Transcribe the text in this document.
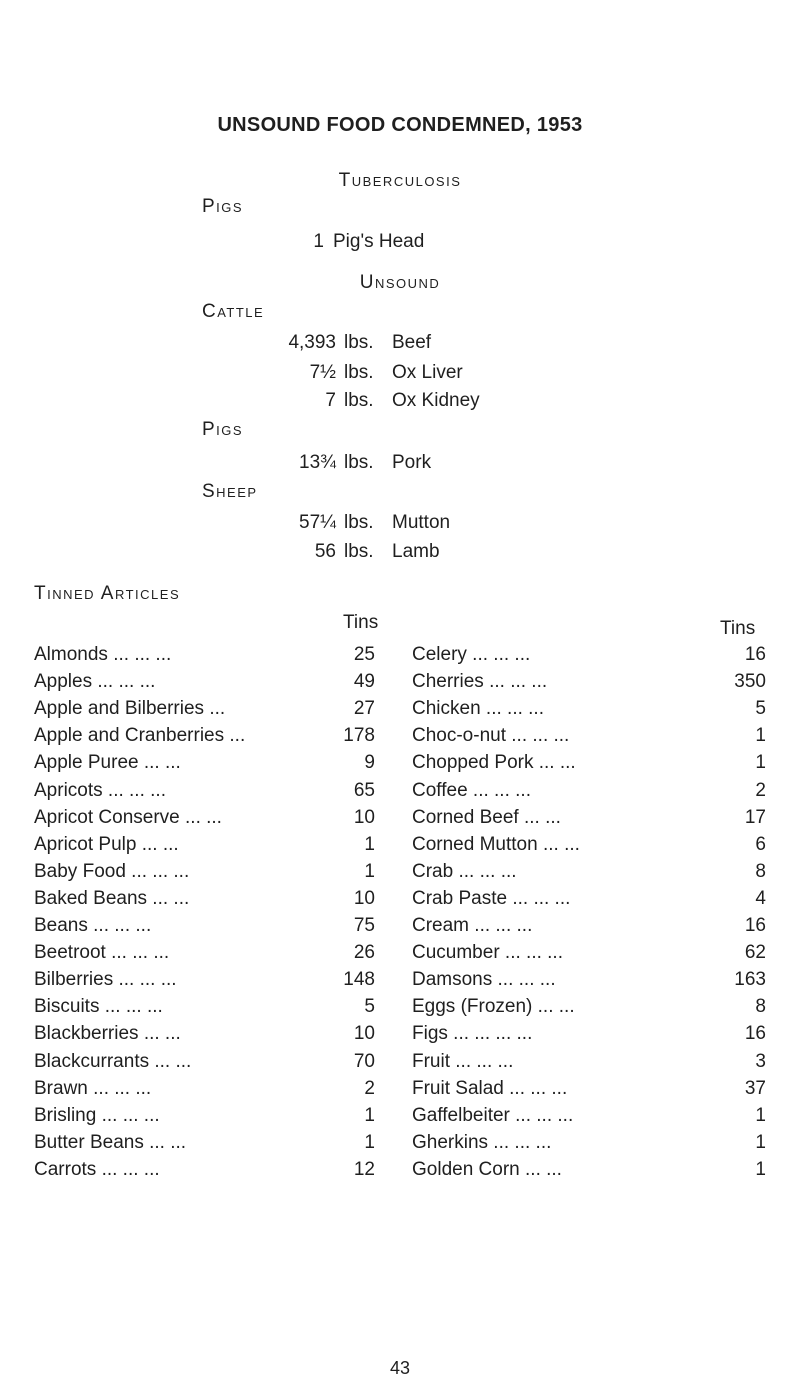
UNSOUND FOOD CONDEMNED, 1953
Tuberculosis
Pigs
1 Pig's Head
Unsound
Cattle
4,393 lbs. Beef
7½ lbs. Ox Liver
7 lbs. Ox Kidney
Pigs
13¾ lbs. Pork
Sheep
57¼ lbs. Mutton
56 lbs. Lamb
Tinned Articles
Tins	Tins
Almonds ... ... ...	25 Celery ... ... ...	16
Apples ... ... ...	49 Cherries ... ... ...	350
Apple and Bilberries ...	27 Chicken ... ... ...	5
Apple and Cranberries ...	178 Choc-o-nut ... ... ...	1
Apple Puree ... ...	9 Chopped Pork ... ...	1
Apricots ... ... ...	65 Coffee ... ... ...	2
Apricot Conserve ... ...	10 Corned Beef ... ...	17
Apricot Pulp ... ...	1 Corned Mutton ... ...	6
Baby Food ... ... ...	1 Crab ... ... ...	8
Baked Beans ... ...	10 Crab Paste ... ... ...	4
Beans ... ... ...	75 Cream ... ... ...	16
Beetroot ... ... ...	26 Cucumber ... ... ...	62
Bilberries ... ... ...	148 Damsons ... ... ...	163
Biscuits ... ... ...	5 Eggs (Frozen) ... ...	8
Blackberries ... ...	10 Figs ... ... ... ...	16
Blackcurrants ... ...	70 Fruit ... ... ...	3
Brawn ... ... ...	2 Fruit Salad ... ... ...	37
Brisling ... ... ...	1 Gaffelbeiter ... ... ...	1
Butter Beans ... ...	1 Gherkins ... ... ...	1
Carrots ... ... ...	12 Golden Corn ... ...	1
43
